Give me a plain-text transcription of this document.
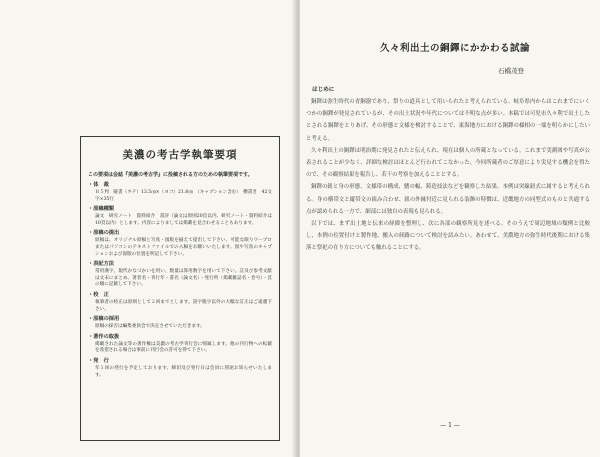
美濃の考古学執筆要項
この要項は会誌『美濃の考古学』に投稿される方のための執筆要項です。
・体　裁

Ｂ５判　縦書（タテ）13.5㎝×（ヨコ）21.6㎝　（キャプション含む）　横書き　42文字×35行

・原稿種類

論文　研究ノート　資料紹介　書評（論文は原則20頁以内、研究ノート・資料紹介は10頁以内）とします。内容によりましては掲載を見合わせることもあります。

・原稿の提出

原稿は、オリジナル原稿と写真・図版を揃えて提出して下さい。可能な限りワープロまたはパソコンのテキストファイルでの入稿をお願いいたします。図や写真のキャプションおよび図版の位置を明記して下さい。

・表記方法

常用漢字、現代かなづかいを用い、数量は算用数字を用いて下さい。註及び参考文献は文末にまとめ、著者名・刊行年・書名（論文名）・発行所（掲載雑誌名・巻号）・頁の順に記載して下さい。

・校　正

執筆者の校正は原則として２回までとします。誤字脱字以外の大幅な訂正はご遠慮下さい。

・原稿の採用

原稿の採否は編集委員会で決定させていただきます。

・著作の取扱

掲載された論文等の著作権は美濃の考古学刊行会に帰属します。他の刊行物への転載を希望される場合は事前に刊行会の許可を得て下さい。

・発　行

年１回の発行を予定しております。締切及び発行日は会員に別途お知らせいたします。

久々利出土の銅鐸にかかわる試論

石橋茂登

はじめに

銅鐸は弥生時代の青銅器であり、祭りの道具として用いられたと考えられている。岐阜県内からはこれまでにいくつかの銅鐸が発見されているが、その出土状況や年代については不明な点が多い。本稿では可児市久々利で出土したとされる銅鐸をとりあげ、その形態と文様を検討することで、東海地方における銅鐸の様相の一端を明らかにしたいと考える。

久々利出土の銅鐸は明治期に発見されたと伝えられ、現在は個人の所蔵となっている。これまで実測図や写真が公表されることが少なく、詳細な検討はほとんど行われてこなかった。今回所蔵者のご厚意により実見する機会を得たので、その観察結果を報告し、若干の考察を加えることとする。

銅鐸の鈕と身の形態、文様帯の構成、鰭の幅、鋳造技法などを観察した結果、本例は突線鈕式に属すると考えられる。身の横帯文と縦帯文の組み合わせ、鈕の外縁付近に見られる装飾の特徴は、近畿地方の同型式のものと共通する点が認められる一方で、細部には独自の表現も見られる。

以下では、まず出土地と伝来の経緯を整理し、次に各部の観察所見を述べる。そのうえで周辺地域の類例と比較し、本例の位置付けと製作地、搬入の経路について検討を試みたい。あわせて、美濃地方の弥生時代後期における集落と祭祀の在り方についても触れることにする。

— 1 —
